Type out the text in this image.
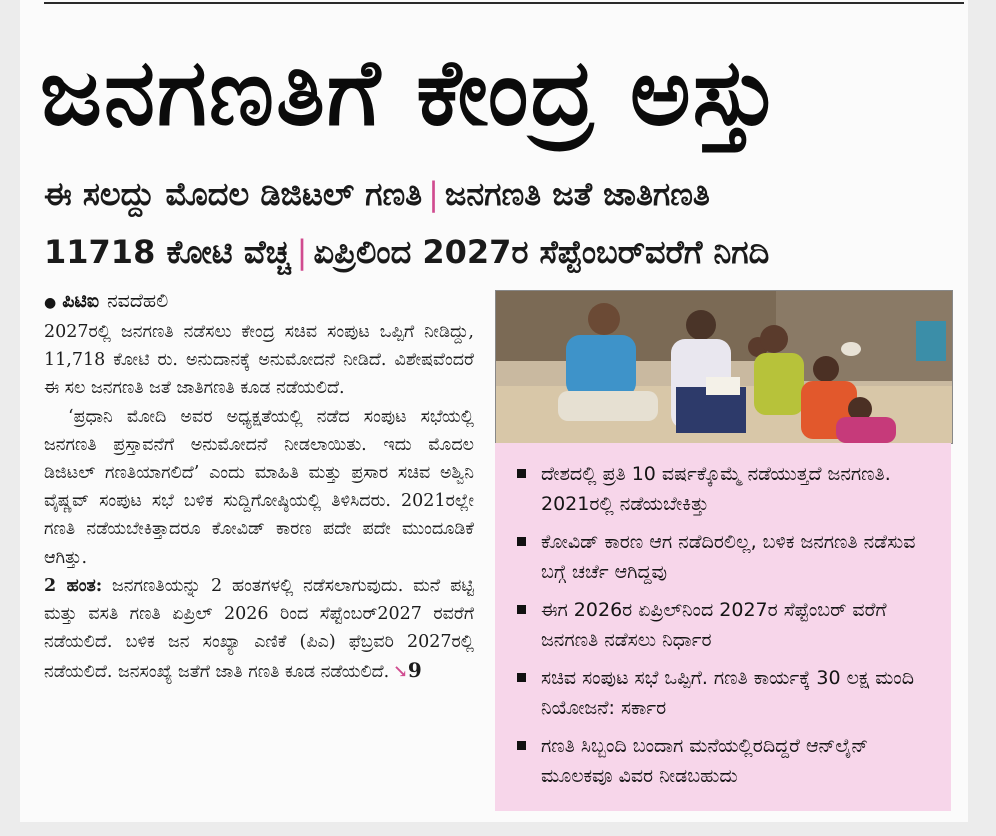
ಜನಗಣತಿಗೆ ಕೇಂದ್ರ ಅಸ್ತು
ಈ ಸಲದ್ದು ಮೊದಲ ಡಿಜಿಟಲ್ ಗಣತಿ | ಜನಗಣತಿ ಜತೆ ಜಾತಿಗಣತಿ
11718 ಕೋಟಿ ವೆಚ್ಚ | ಏಪ್ರಿಲಿಂದ 2027ರ ಸೆಪ್ಟೆಂಬರ್‌ವರೆಗೆ ನಿಗದಿ
● ಪಿಟಿಐ ನವದೆಹಲಿ

2027ರಲ್ಲಿ ಜನಗಣತಿ ನಡೆಸಲು ಕೇಂದ್ರ ಸಚಿವ ಸಂಪುಟ ಒಪ್ಪಿಗೆ ನೀಡಿದ್ದು, 11,718 ಕೋಟಿ ರು. ಅನುದಾನಕ್ಕೆ ಅನುಮೋದನೆ ನೀಡಿದೆ. ವಿಶೇಷವೆಂದರೆ ಈ ಸಲ ಜನಗಣತಿ ಜತೆ ಜಾತಿಗಣತಿ ಕೂಡ ನಡೆಯಲಿದೆ.

‘ಪ್ರಧಾನಿ ಮೋದಿ ಅವರ ಅಧ್ಯಕ್ಷತೆಯಲ್ಲಿ ನಡೆದ ಸಂಪುಟ ಸಭೆಯಲ್ಲಿ ಜನಗಣತಿ ಪ್ರಸ್ತಾವನೆಗೆ ಅನುಮೋದನೆ ನೀಡಲಾಯಿತು. ಇದು ಮೊದಲ ಡಿಜಿಟಲ್ ಗಣತಿಯಾಗಲಿದೆ’ ಎಂದು ಮಾಹಿತಿ ಮತ್ತು ಪ್ರಸಾರ ಸಚಿವ ಅಶ್ವಿನಿ ವೈಷ್ಣವ್ ಸಂಪುಟ ಸಭೆ ಬಳಿಕ ಸುದ್ದಿಗೋಷ್ಠಿಯಲ್ಲಿ ತಿಳಿಸಿದರು. 2021ರಲ್ಲೇ ಗಣತಿ ನಡೆಯಬೇಕಿತ್ತಾದರೂ ಕೋವಿಡ್ ಕಾರಣ ಪದೇ ಪದೇ ಮುಂದೂಡಿಕೆ ಆಗಿತ್ತು.

2 ಹಂತ: ಜನಗಣತಿಯನ್ನು 2 ಹಂತಗಳಲ್ಲಿ ನಡೆಸಲಾಗುವುದು. ಮನೆ ಪಟ್ಟಿ ಮತ್ತು ವಸತಿ ಗಣತಿ ಏಪ್ರಿಲ್ 2026 ರಿಂದ ಸೆಪ್ಟೆಂಬರ್2027 ರವರೆಗೆ ನಡೆಯಲಿದೆ. ಬಳಿಕ ಜನ ಸಂಖ್ಯಾ ಎಣಿಕೆ (ಪಿಎ) ಫೆಬ್ರವರಿ 2027ರಲ್ಲಿ ನಡೆಯಲಿದೆ. ಜನಸಂಖ್ಯೆ ಜತೆಗೆ ಜಾತಿ ಗಣತಿ ಕೂಡ ನಡೆಯಲಿದೆ. ↘9

ದೇಶದಲ್ಲಿ ಪ್ರತಿ 10 ವರ್ಷಕ್ಕೊಮ್ಮೆ ನಡೆಯುತ್ತದೆ ಜನಗಣತಿ. 2021ರಲ್ಲಿ ನಡೆಯಬೇಕಿತ್ತು
ಕೋವಿಡ್ ಕಾರಣ ಆಗ ನಡೆದಿರಲಿಲ್ಲ, ಬಳಿಕ ಜನಗಣತಿ ನಡೆಸುವ ಬಗ್ಗೆ ಚರ್ಚೆ ಆಗಿದ್ದವು
ಈಗ 2026ರ ಏಪ್ರಿಲ್‌ನಿಂದ 2027ರ ಸೆಪ್ಟೆಂಬರ್ ವರೆಗೆ ಜನಗಣತಿ ನಡೆಸಲು ನಿರ್ಧಾರ
ಸಚಿವ ಸಂಪುಟ ಸಭೆ ಒಪ್ಪಿಗೆ. ಗಣತಿ ಕಾರ್ಯಕ್ಕೆ 30 ಲಕ್ಷ ಮಂದಿ ನಿಯೋಜನೆ: ಸರ್ಕಾರ
ಗಣತಿ ಸಿಬ್ಬಂದಿ ಬಂದಾಗ ಮನೆಯಲ್ಲಿರದಿದ್ದರೆ ಆನ್‌ಲೈನ್ ಮೂಲಕವೂ ವಿವರ ನೀಡಬಹುದು
